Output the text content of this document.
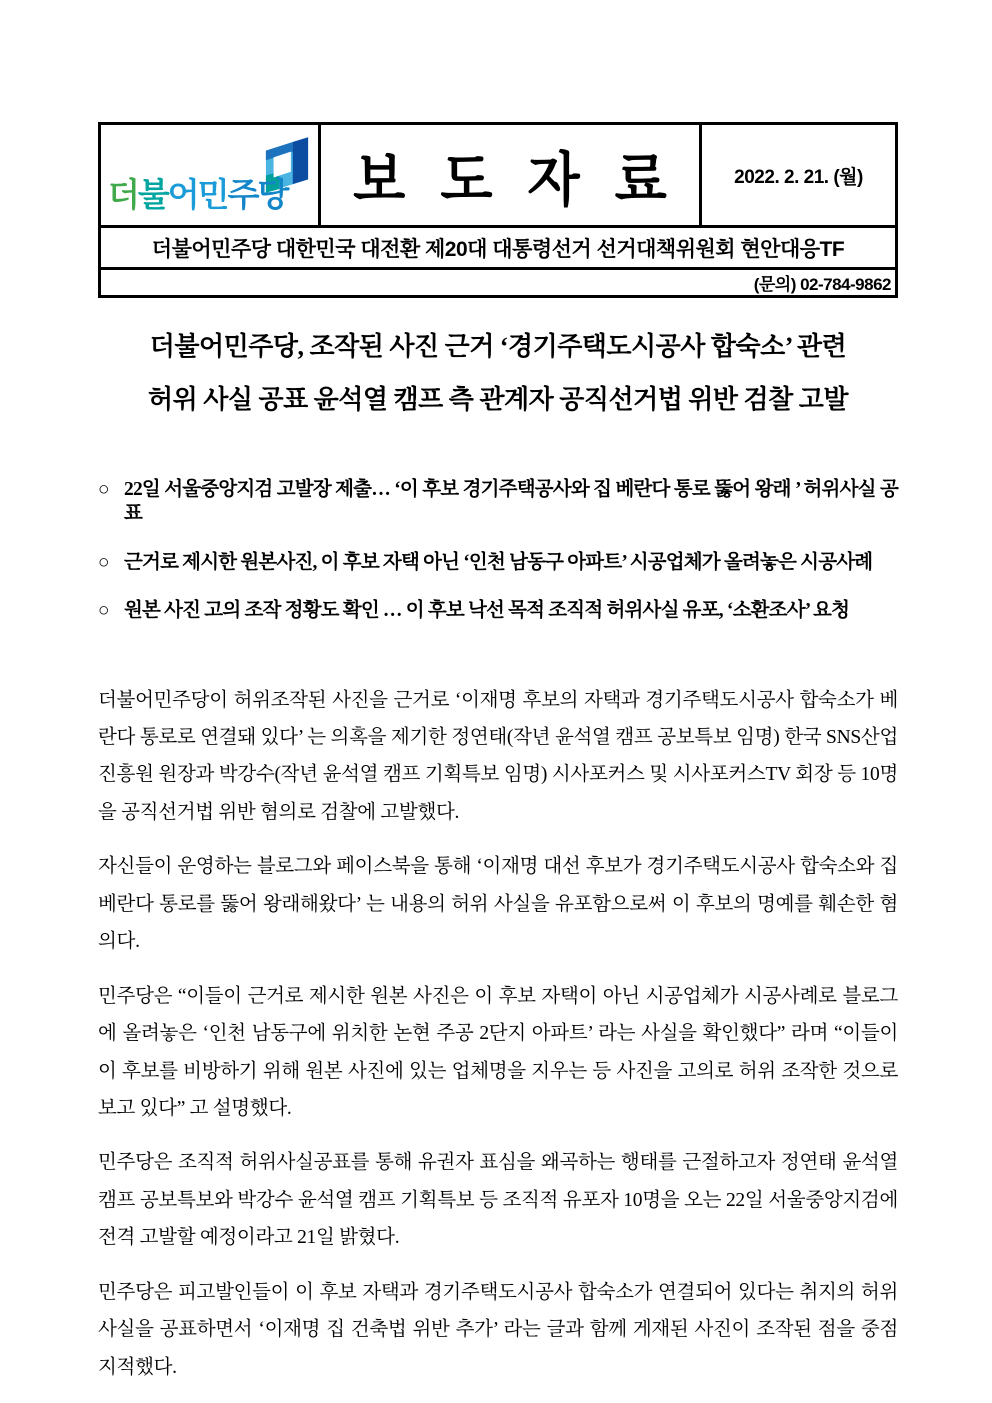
더불어민주당 보 도 자 료	2022. 2. 21. (월)
더불어민주당 대한민국 대전환 제20대 대통령선거 선거대책위원회 현안대응TF
(문의) 02-784-9862
더불어민주당, 조작된 사진 근거 ‘경기주택도시공사 합숙소’ 관련
허위 사실 공표 윤석열 캠프 측 관계자 공직선거법 위반 검찰 고발
○ 22일 서울중앙지검 고발장 제출… ‘이 후보 경기주택공사와 집 베란다 통로 뚫어 왕래 ’ 허위사실 공표
○ 근거로 제시한 원본사진, 이 후보 자택 아닌 ‘인천 남동구 아파트’ 시공업체가 올려놓은 시공사례
○ 원본 사진 고의 조작 정황도 확인 … 이 후보 낙선 목적 조직적 허위사실 유포, ‘소환조사’ 요청

더불어민주당이 허위조작된 사진을 근거로 ‘이재명 후보의 자택과 경기주택도시공사 합숙소가 베란다 통로로 연결돼 있다’ 는 의혹을 제기한 정연태(작년 윤석열 캠프 공보특보 임명) 한국 SNS산업진흥원 원장과 박강수(작년 윤석열 캠프 기획특보 임명) 시사포커스 및 시사포커스TV 회장 등 10명을 공직선거법 위반 혐의로 검찰에 고발했다.

자신들이 운영하는 블로그와 페이스북을 통해 ‘이재명 대선 후보가 경기주택도시공사 합숙소와 집 베란다 통로를 뚫어 왕래해왔다’ 는 내용의 허위 사실을 유포함으로써 이 후보의 명예를 훼손한 혐의다.

민주당은 “이들이 근거로 제시한 원본 사진은 이 후보 자택이 아닌 시공업체가 시공사례로 블로그에 올려놓은 ‘인천 남동구에 위치한 논현 주공 2단지 아파트’ 라는 사실을 확인했다” 라며 “이들이 이 후보를 비방하기 위해 원본 사진에 있는 업체명을 지우는 등 사진을 고의로 허위 조작한 것으로 보고 있다” 고 설명했다.

민주당은 조직적 허위사실공표를 통해 유권자 표심을 왜곡하는 행태를 근절하고자 정연태 윤석열 캠프 공보특보와 박강수 윤석열 캠프 기획특보 등 조직적 유포자 10명을 오는 22일 서울중앙지검에 전격 고발할 예정이라고 21일 밝혔다.

민주당은 피고발인들이 이 후보 자택과 경기주택도시공사 합숙소가 연결되어 있다는 취지의 허위사실을 공표하면서 ‘이재명 집 건축법 위반 추가’ 라는 글과 함께 게재된 사진이 조작된 점을 중점 지적했다.
